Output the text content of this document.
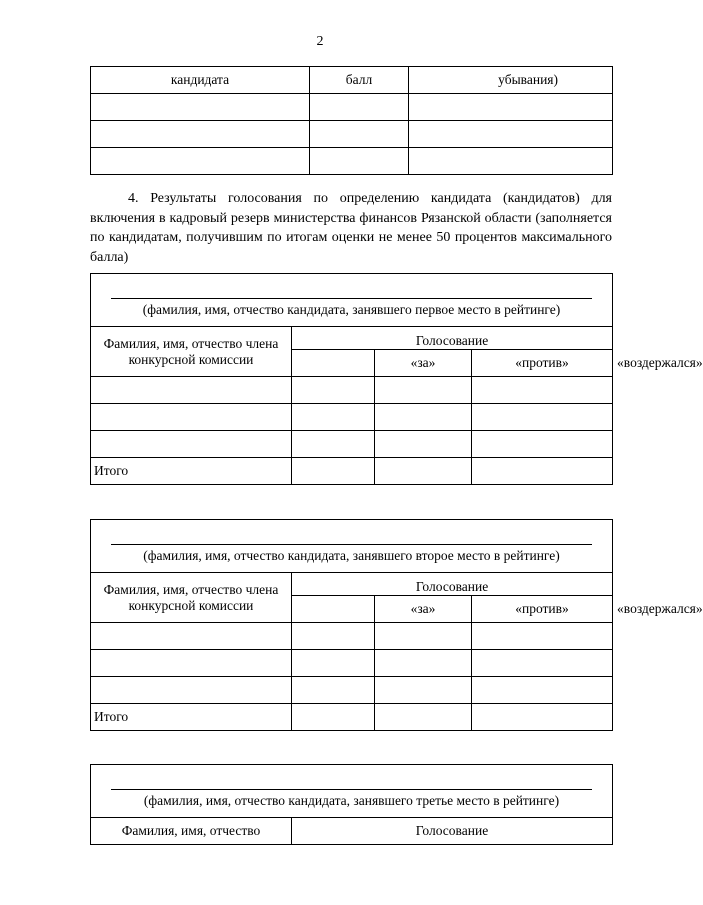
2
кандидата	балл	убывания)

4. Результаты голосования по определению кандидата (кандидатов) для включения в кадровый резерв министерства финансов Рязанской области (заполняется по кандидатам, получившим по итогам оценки не менее 50 процентов максимального балла)
(фамилия, имя, отчество кандидата, занявшего первое место в рейтинге)				

Фамилия, имя, отчество члена конкурсной комиссии	Голосование			
		«за»	«против»	«воздержался»

Итого				
(фамилия, имя, отчество кандидата, занявшего второе место в рейтинге)				

Фамилия, имя, отчество члена конкурсной комиссии	Голосование			
		«за»	«против»	«воздержался»

Итого				
(фамилия, имя, отчество кандидата, занявшего третье место в рейтинге)

Фамилия, имя, отчество	Голосование
